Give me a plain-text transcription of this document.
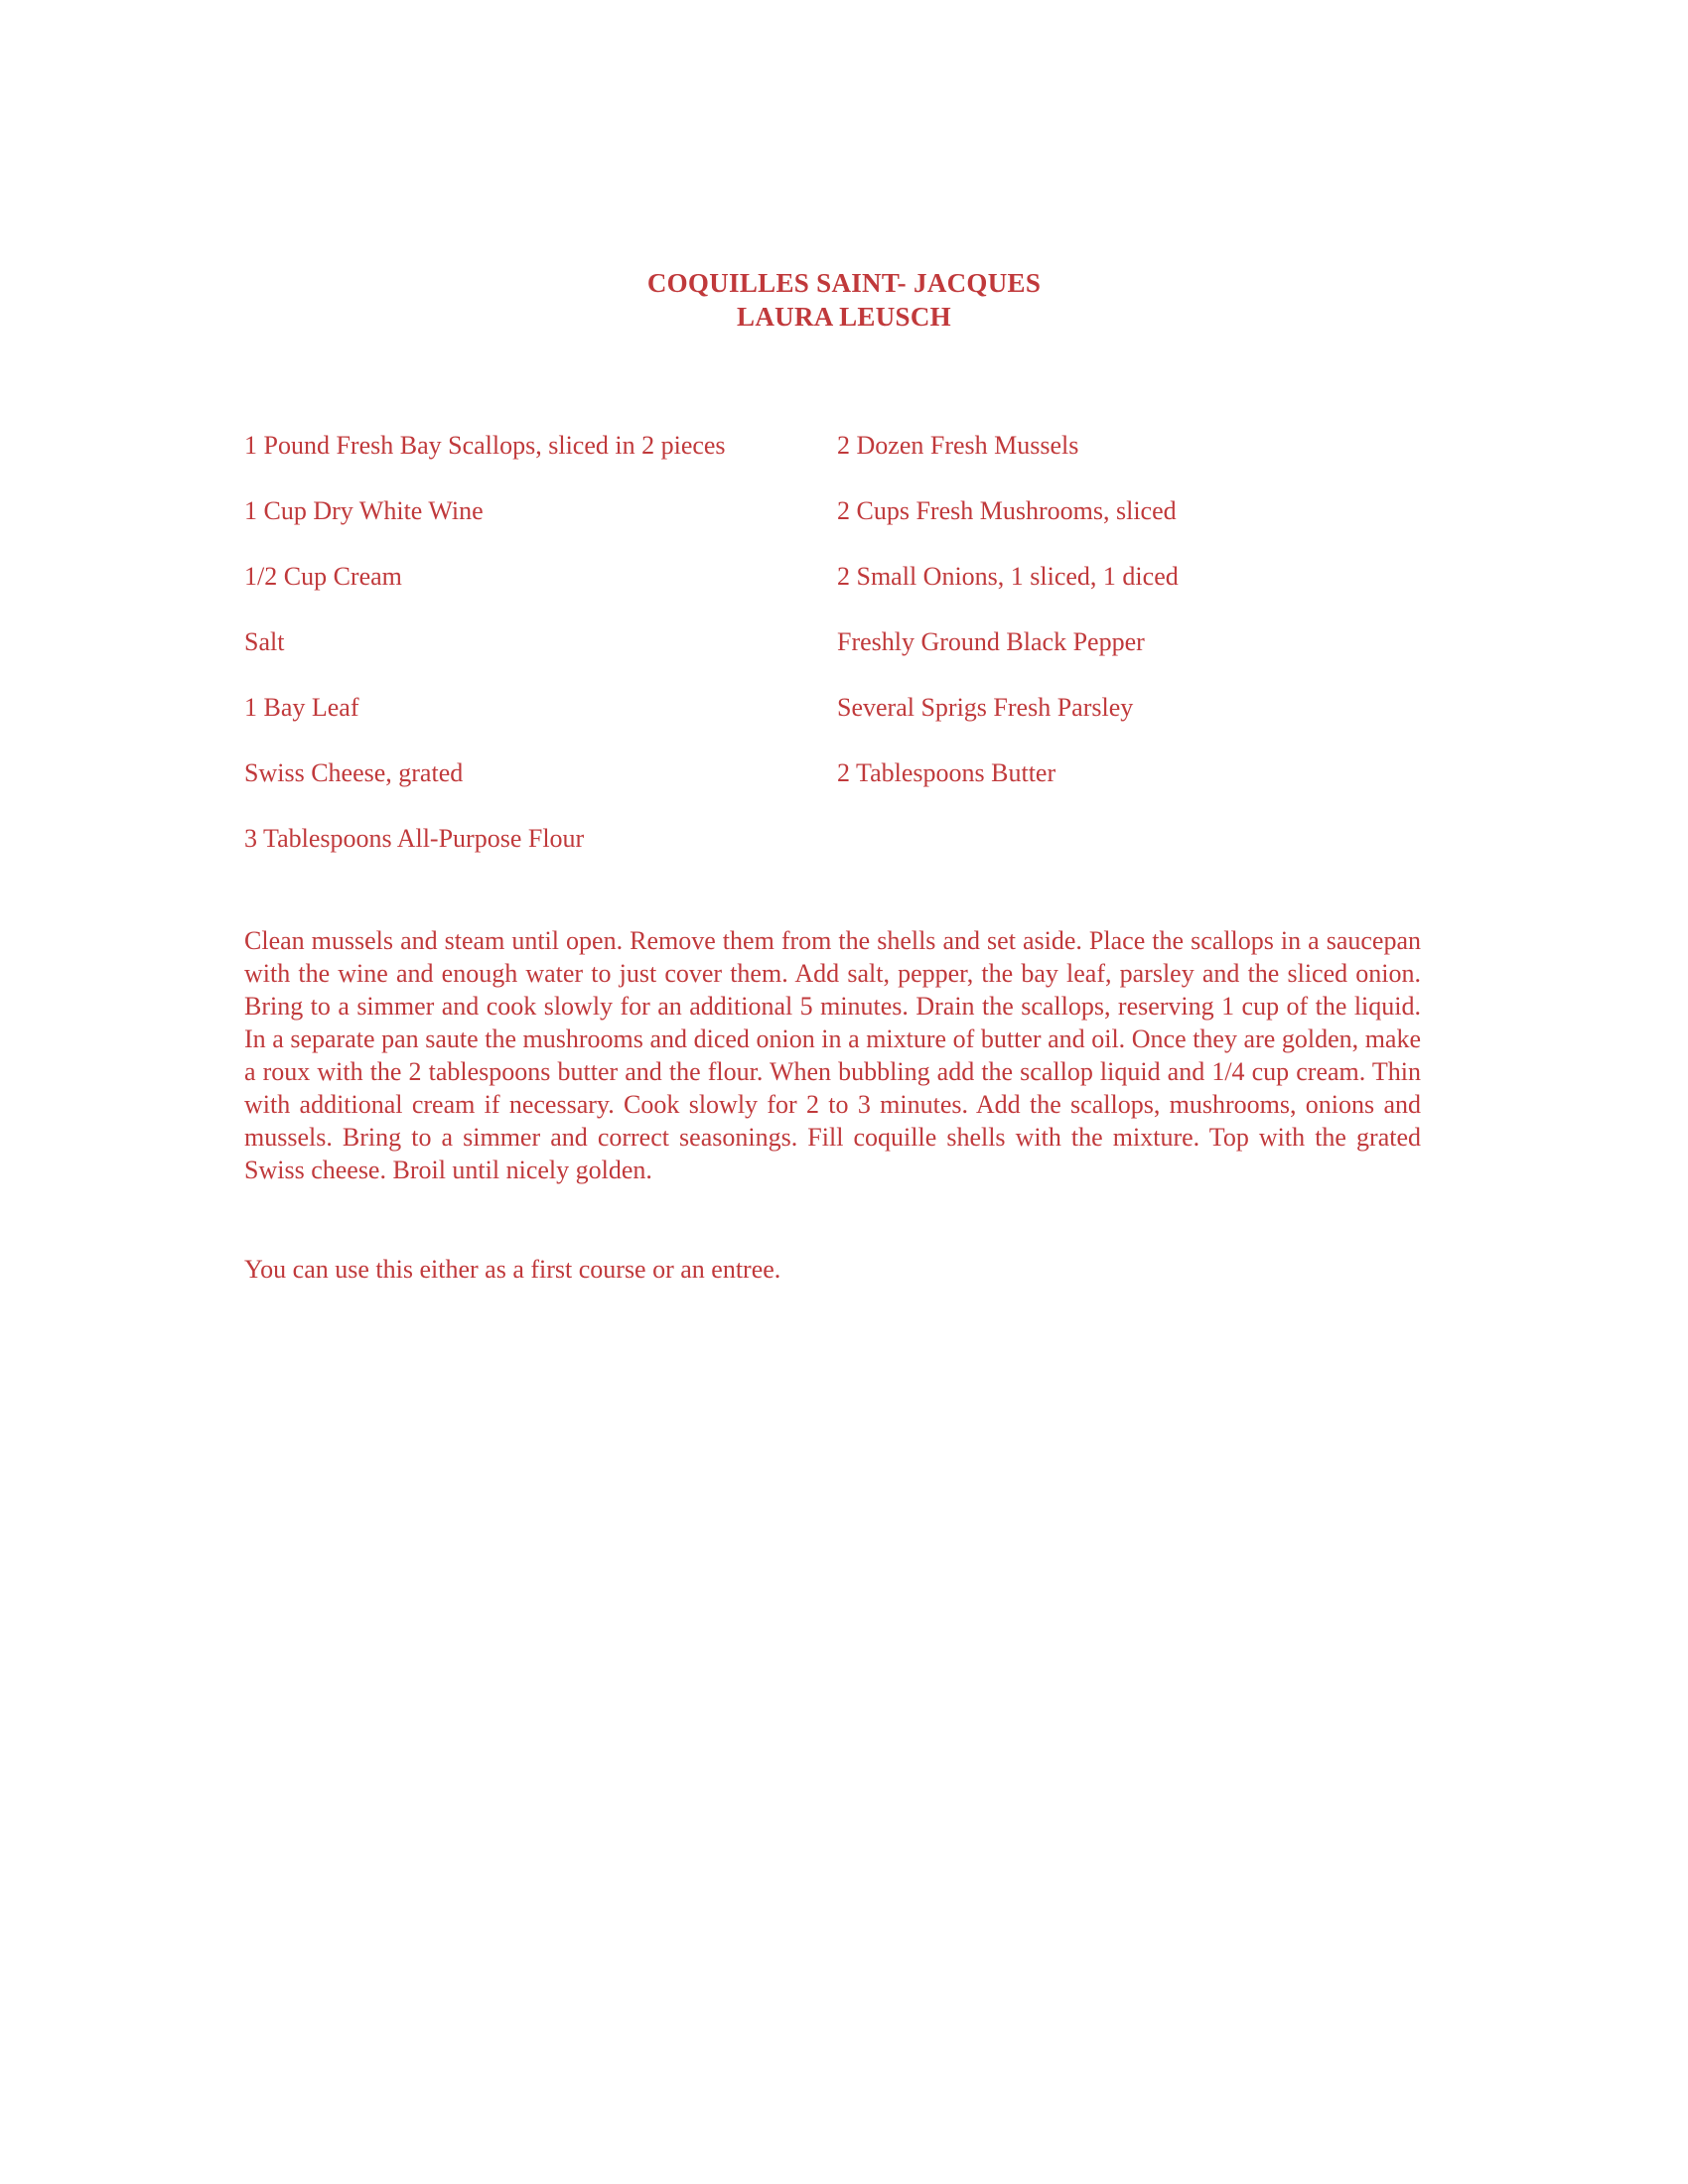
COQUILLES SAINT- JACQUES
LAURA LEUSCH
1 Pound Fresh Bay Scallops, sliced in 2 pieces	2 Dozen Fresh Mussels
1 Cup Dry White Wine	2 Cups Fresh Mushrooms, sliced
1/2 Cup Cream	2 Small Onions, 1 sliced, 1 diced
Salt	Freshly Ground Black Pepper
1 Bay Leaf	Several Sprigs Fresh Parsley
Swiss Cheese, grated	2 Tablespoons Butter
3 Tablespoons All-Purpose Flour
Clean mussels and steam until open. Remove them from the shells and set aside. Place the scallops in a saucepan with the wine and enough water to just cover them. Add salt, pepper, the bay leaf, parsley and the sliced onion. Bring to a simmer and cook slowly for an additional 5 minutes. Drain the scallops, reserving 1 cup of the liquid. In a separate pan saute the mushrooms and diced onion in a mixture of butter and oil. Once they are golden, make a roux with the 2 tablespoons butter and the flour. When bubbling add the scallop liquid and 1/4 cup cream. Thin with additional cream if necessary. Cook slowly for 2 to 3 minutes. Add the scallops, mushrooms, onions and mussels. Bring to a simmer and correct seasonings. Fill coquille shells with the mixture. Top with the grated Swiss cheese. Broil until nicely golden.
You can use this either as a first course or an entree.
